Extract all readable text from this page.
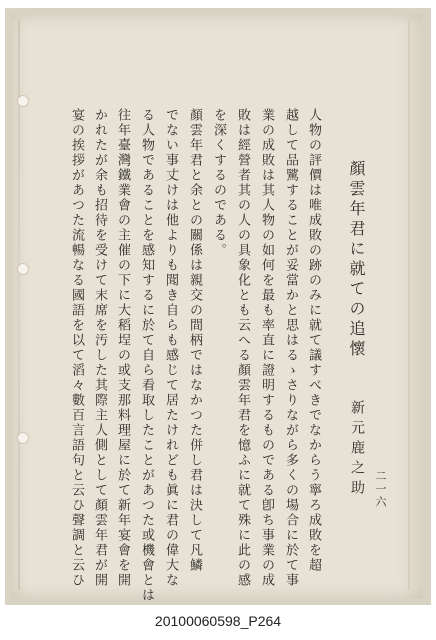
顏雲年君に就ての追懷
新元鹿之助 二一六
人物の評價は唯成敗の跡のみに就て議すべきでなからう寧ろ成敗を超
越して品騭することが妥當かと思はるゝさりながら多くの場合に於て事
業の成敗は其人物の如何を最も率直に證明するものである卽ち事業の成
敗は經營者其の人の具象化とも云へる顏雲年君を憶ふに就て殊に此の感
を深くするのである。
顏雲年君と余との關係は親交の間柄ではなかつた併し君は決して凡鱗
でない事丈けは他よりも聞き自らも感じて居たけれども眞に君の偉大な
る人物であることを感知するに於て自ら看取したことがあつた或機會とは
往年臺灣鐵業會の主催の下に大稻埕の或支那料理屋に於て新年宴會を開
かれたが余も招待を受けて末席を汚した其際主人側として顏雲年君が開
宴の挨拶があつた流暢なる國語を以て滔々數百言語句と云ひ聲調と云ひ
20100060598_P264
